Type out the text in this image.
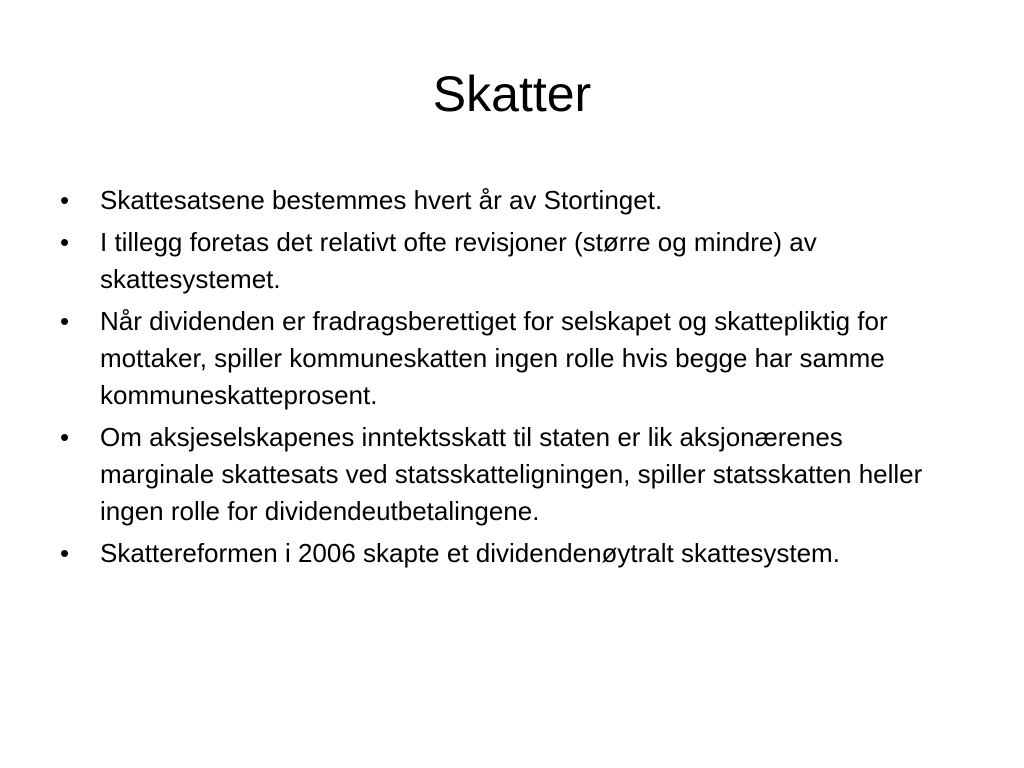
Skatter
•	Skattesatsene bestemmes hvert år av Stortinget.
•	I tillegg foretas det relativt ofte revisjoner (større og mindre) av skattesystemet.
•	Når dividenden er fradragsberettiget for selskapet og skattepliktig for mottaker, spiller kommuneskatten ingen rolle hvis begge har samme kommuneskatteprosent.
•	Om aksjeselskapenes inntektsskatt til staten er lik aksjonærenes marginale skattesats ved statsskatteligningen, spiller statsskatten heller ingen rolle for dividendeutbetalingene.
•	Skattereformen i 2006 skapte et dividendenøytralt skattesystem.
